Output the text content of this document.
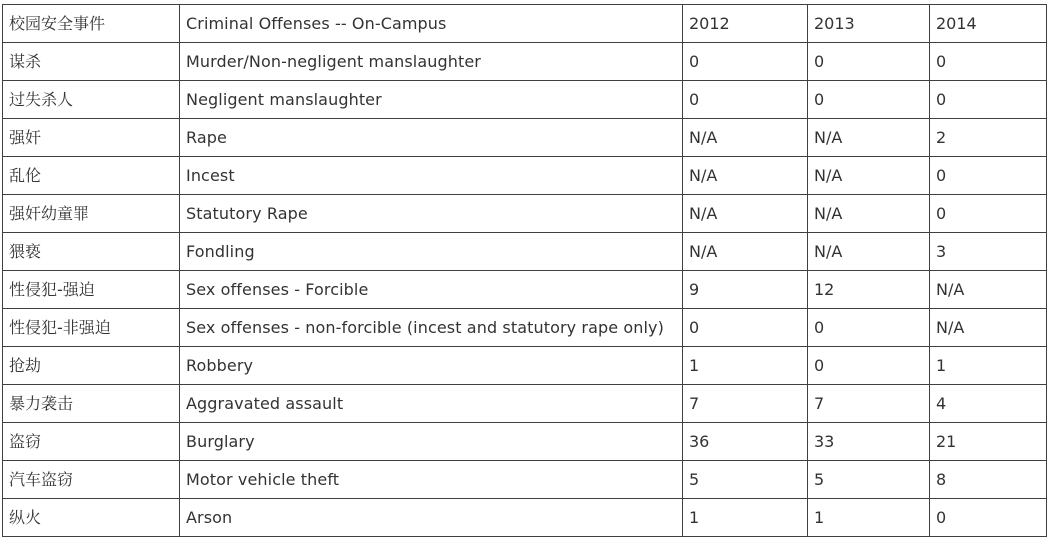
校园安全事件	Criminal Offenses -- On-Campus	2012	2013	2014
谋杀	Murder/Non-negligent manslaughter	0	0	0
过失杀人	Negligent manslaughter	0	0	0
强奸	Rape	N/A	N/A	2
乱伦	Incest	N/A	N/A	0
强奸幼童罪	Statutory Rape	N/A	N/A	0
猥亵	Fondling	N/A	N/A	3
性侵犯-强迫	Sex offenses - Forcible	9	12	N/A
性侵犯-非强迫	Sex offenses - non-forcible (incest and statutory rape only)	0	0	N/A
抢劫	Robbery	1	0	1
暴力袭击	Aggravated assault	7	7	4
盗窃	Burglary	36	33	21
汽车盗窃	Motor vehicle theft	5	5	8
纵火	Arson	1	1	0
